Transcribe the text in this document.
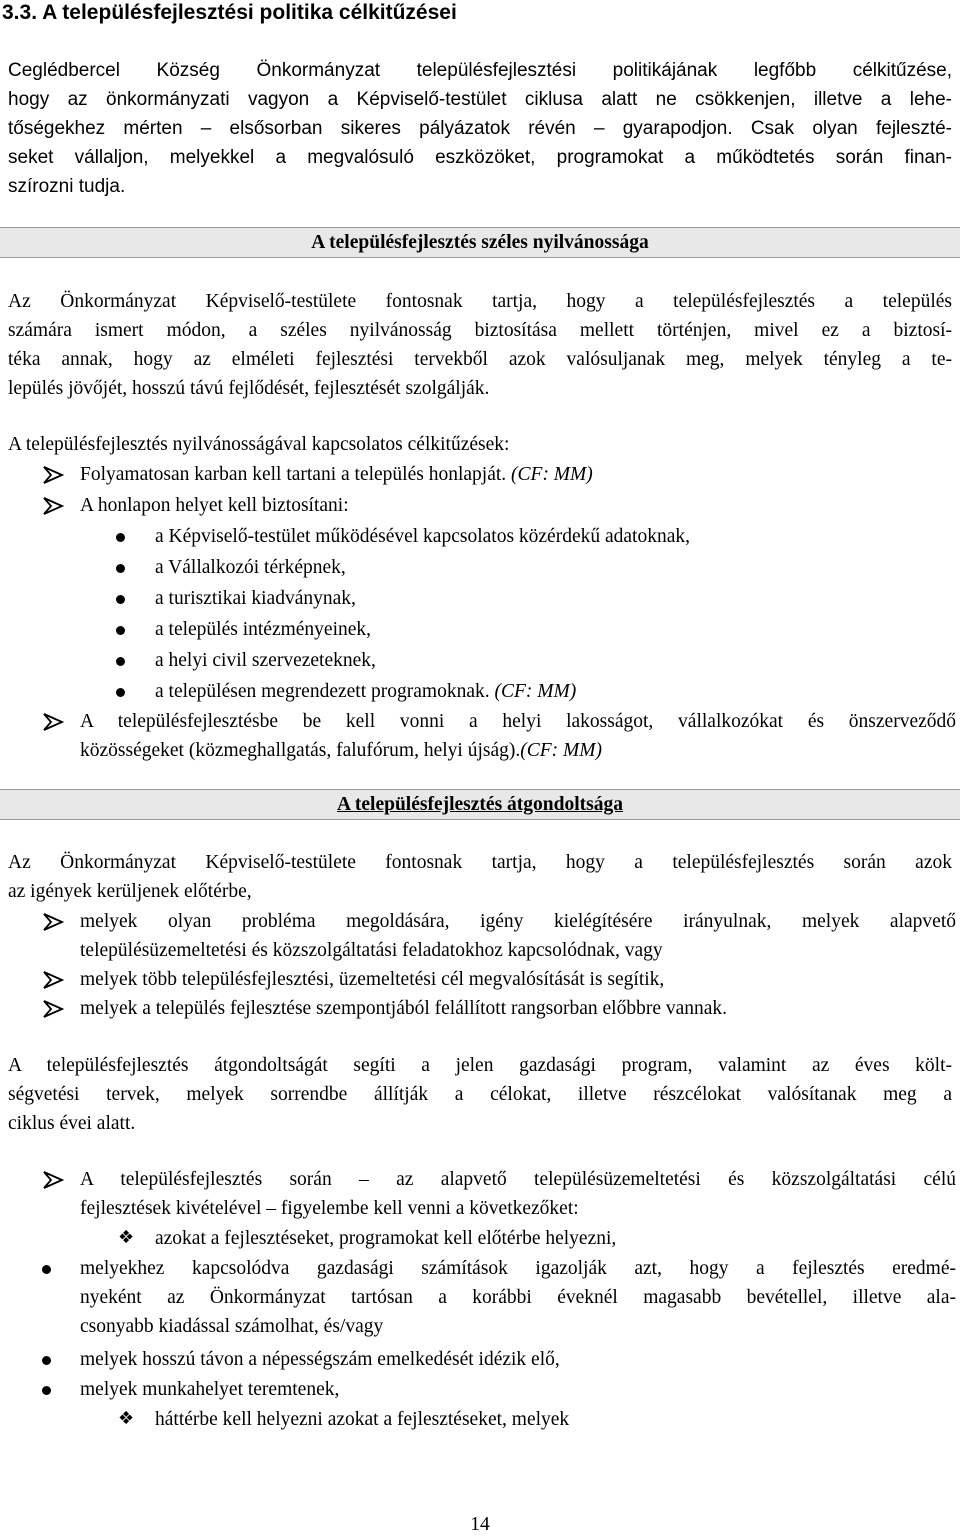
3.3. A településfejlesztési politika célkitűzései
Ceglédbercel Község Önkormányzat településfejlesztési politikájának legfőbb célkitűzése,
hogy az önkormányzati vagyon a Képviselő-testület ciklusa alatt ne csökkenjen, illetve a lehe-
tőségekhez mérten – elsősorban sikeres pályázatok révén – gyarapodjon. Csak olyan fejleszté-
seket vállaljon, melyekkel a megvalósuló eszközöket, programokat a működtetés során finan-
szírozni tudja.
A településfejlesztés széles nyilvánossága
Az Önkormányzat Képviselő-testülete fontosnak tartja, hogy a településfejlesztés a település
számára ismert módon, a széles nyilvánosság biztosítása mellett történjen, mivel ez a biztosí-
téka annak, hogy az elméleti fejlesztési tervekből azok valósuljanak meg, melyek tényleg a te-
lepülés jövőjét, hosszú távú fejlődését, fejlesztését szolgálják.
A településfejlesztés nyilvánosságával kapcsolatos célkitűzések:
Folyamatosan karban kell tartani a település honlapját. (CF: MM)
A honlapon helyet kell biztosítani:
a Képviselő-testület működésével kapcsolatos közérdekű adatoknak,
a Vállalkozói térképnek,
a turisztikai kiadványnak,
a település intézményeinek,
a helyi civil szervezeteknek,
a településen megrendezett programoknak. (CF: MM)
A településfejlesztésbe be kell vonni a helyi lakosságot, vállalkozókat és önszerveződő
közösségeket (közmeghallgatás, falufórum, helyi újság).(CF: MM)
A településfejlesztés átgondoltsága
Az Önkormányzat Képviselő-testülete fontosnak tartja, hogy a településfejlesztés során azok
az igények kerüljenek előtérbe,
melyek olyan probléma megoldására, igény kielégítésére irányulnak, melyek alapvető
településüzemeltetési és közszolgáltatási feladatokhoz kapcsolódnak, vagy
melyek több településfejlesztési, üzemeltetési cél megvalósítását is segítik,
melyek a település fejlesztése szempontjából felállított rangsorban előbbre vannak.
A településfejlesztés átgondoltságát segíti a jelen gazdasági program, valamint az éves költ-
ségvetési tervek, melyek sorrendbe állítják a célokat, illetve részcélokat valósítanak meg a
ciklus évei alatt.
A településfejlesztés során – az alapvető településüzemeltetési és közszolgáltatási célú
fejlesztések kivételével – figyelembe kell venni a következőket:
❖ azokat a fejlesztéseket, programokat kell előtérbe helyezni,
melyekhez kapcsolódva gazdasági számítások igazolják azt, hogy a fejlesztés eredmé-
nyeként az Önkormányzat tartósan a korábbi éveknél magasabb bevétellel, illetve ala-
csonyabb kiadással számolhat, és/vagy
melyek hosszú távon a népességszám emelkedését idézik elő,
melyek munkahelyet teremtenek,
❖ háttérbe kell helyezni azokat a fejlesztéseket, melyek
14
